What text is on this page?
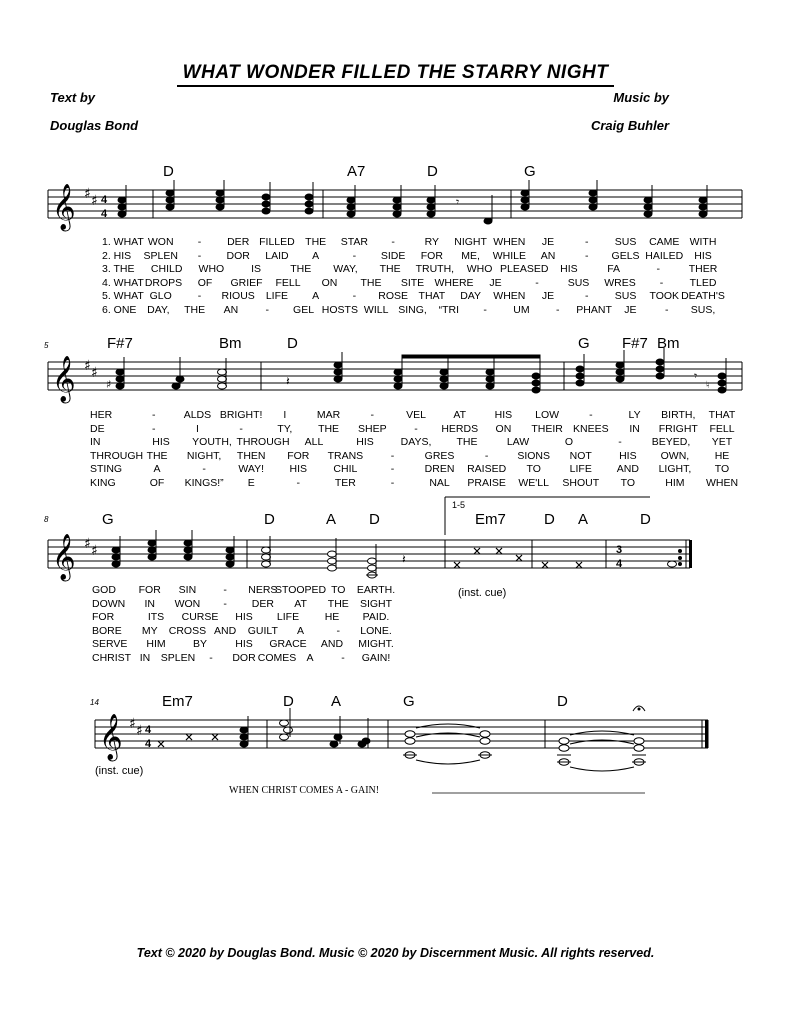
WHAT WONDER FILLED THE STARRY NIGHT
Text by
Douglas Bond
Music by
Craig Buhler
𝄞 ♯ ♯ 4
4
𝄾
D	A7	D	G
1. WHAT WON - DER FILLED THE STAR -	RY NIGHT WHEN JE	- SUS CAME WITH
2. HIS SPLEN - DOR LAID A	- SIDE FOR ME, WHILE AN	- GELS HAILED HIS
3. THE CHILD WHO	IS	THE WAY, THE TRUTH, WHO PLEASED HIS	FA	-	THER
4. WHAT DROPS OF GRIEF FELL ON THE SITE WHERE JE	-	SUS WRES -	TLED
5. WHAT GLO - RIOUS LIFE A	- ROSE THAT DAY WHEN JE	- SUS TOOK DEATH'S
6. ONE DAY, THE AN	- GEL HOSTS WILL SING, “TRI -	UM	- PHANT JE	- SUS,
𝄞 ♯ ♯
♯	𝄽	𝄾
♮
5	F#7	Bm	D	G F#7 Bm
HER	-	ALDS BRIGHT! I	MAR	-	VEL	AT	HIS LOW	-	LY BIRTH, THAT
DE	-	I	-	TY, THE SHEP	- HERDS ON THEIR KNEES IN FRIGHT FELL
IN	HIS YOUTH, THROUGH ALL	HIS	DAYS, THE	LAW	O	-	BEYED, YET
THROUGH THE NIGHT, THEN FOR TRANS	-	GRES	-	SIONS NOT	HIS OWN, HE
STING	A	-	WAY! HIS	CHIL	-	DREN RAISED TO	LIFE AND LIGHT, TO
KING	OF KINGS!” E	-	TER	-	NAL PRAISE WE'LL SHOUT TO	HIM WHEN
𝄞 ♯ ♯	𝄽
3
4
8
1-5
G	D	A D	Em7	D A	D
(inst. cue)
GOD FOR SIN	- NERS
STOOPED TO EARTH.
DOWN IN WON - DER AT THE SIGHT
FOR	ITS CURSE HIS LIFE HE PAID.
BORE MY CROSS AND GUILT A	- LONE.
SERVE HIM	BY	HIS GRACE AND MIGHT.
CHRIST IN SPLEN - DOR COMES A	- GAIN!
𝄞 ♯ ♯ 4
4
14	Em7	D A	G	D
(inst. cue)
WHEN CHRIST COMES A - GAIN!
Text © 2020 by Douglas Bond. Music © 2020 by Discernment Music. All rights reserved.
